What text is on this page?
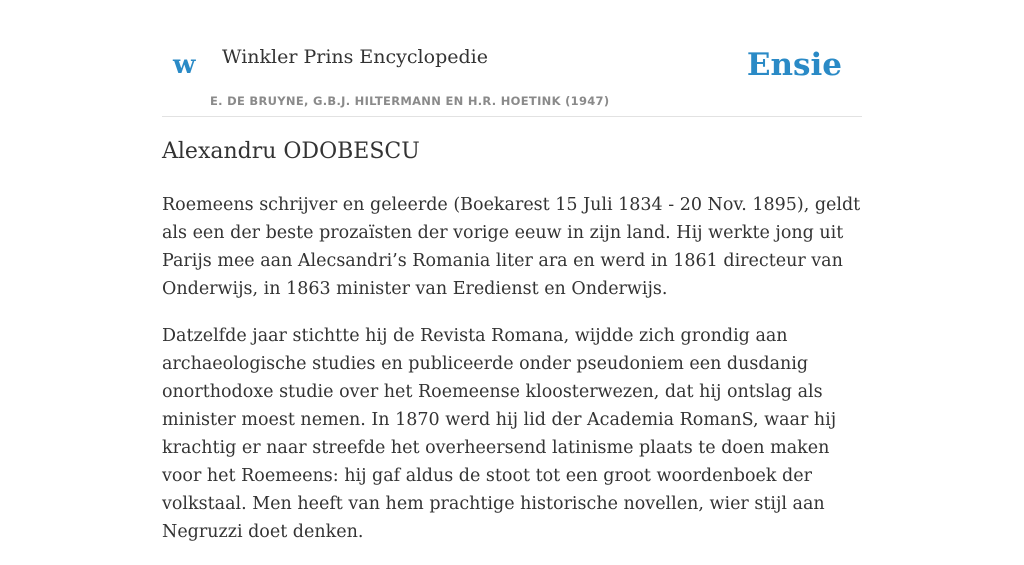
w Winkler Prins Encyclopedie
E. DE BRUYNE, G.B.J. HILTERMANN EN H.R. HOETINK (1947)
Ensie
Alexandru ODOBESCU

Roemeens schrijver en geleerde (Boekarest 15 Juli 1834 - 20 Nov. 1895), geldt als een der beste prozaïsten der vorige eeuw in zijn land. Hij werkte jong uit Parijs mee aan Alecsandri’s Romania liter ara en werd in 1861 directeur van Onderwijs, in 1863 minister van Eredienst en Onderwijs.

Datzelfde jaar stichtte hij de Revista Romana, wijdde zich grondig aan archaeologische studies en publiceerde onder pseudoniem een dusdanig onorthodoxe studie over het Roemeense kloosterwezen, dat hij ontslag als minister moest nemen. In 1870 werd hij lid der Academia RomanS, waar hij krachtig er naar streefde het overheersend latinisme plaats te doen maken voor het Roemeens: hij gaf aldus de stoot tot een groot woordenboek der volkstaal. Men heeft van hem prachtige historische novellen, wier stijl aan Negruzzi doet denken.
